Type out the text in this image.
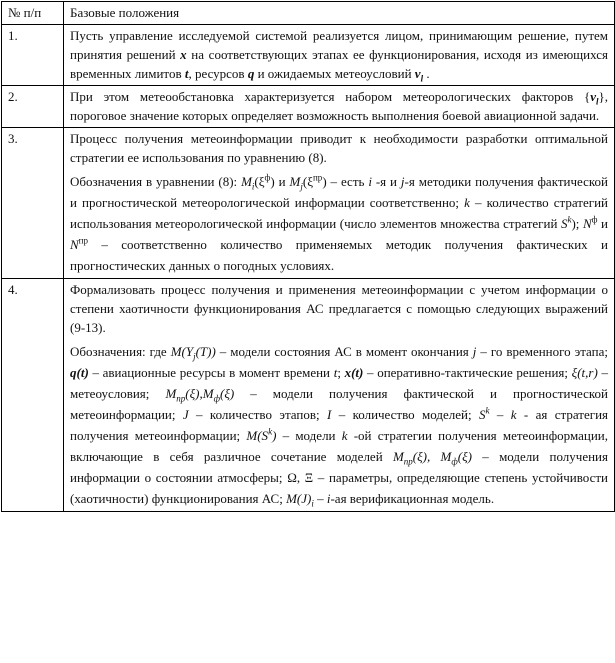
№ п/п	Базовые положения
1.	Пусть управление исследуемой системой реализуется лицом, принимающим решение, путем принятия решений x на соответствующих этапах ее функционирования, исходя из имеющихся временных лимитов t, ресурсов q и ожидаемых метеоусловий $v_l$ .

2.	При этом метеообстановка характеризуется набором метеорологических факторов $\{v_l\}$, пороговое значение которых определяет возможность выполнения боевой авиационной задачи.

3.	Процесс получения метеоинформации приводит к необходимости разработки оптимальной стратегии ее использования по уравнению (8).

Обозначения в уравнении (8): $M_i(\xi^ф)$ и $M_j(\xi^{пр})$ – есть i -я и j-я методики получения фактической и прогностической метеорологической информации соответственно; k – количество стратегий использования метеорологической информации (число элементов множества стратегий $S^k$); $N^ф$ и $N^{пр}$ – соответственно количество применяемых методик получения фактических и прогностических данных о погодных условиях.

4.	Формализовать процесс получения и применения метеоинформации с учетом информации о степени хаотичности функционирования АС предлагается с помощью следующих выражений (9-13).

Обозначения: где $M(Y_j(T))$ – модели состояния АС в момент окончания j – го временного этапа; q(t) – авиационные ресурсы в момент времени t; x(t) – оперативно-тактические решения; ξ(t,r) – метеоусловия; $M_{пр}(\xi),M_ф(\xi)$ – модели получения фактической и прогностической метеоинформации; J – количество этапов; I – количество моделей; $S^k$ – k - ая стратегия получения метеоинформации; $M(S^k)$ – модели k -ой стратегии получения метеоинформации, включающие в себя различное сочетание моделей $M_{пр}(\xi)$, $M_ф(\xi)$ – модели получения информации о состоянии атмосферы; Ω, Ξ – параметры, определяющие степень устойчивости (хаотичности) функционирования АС; $M(J)_i - i-ая$ верификационная модель.
